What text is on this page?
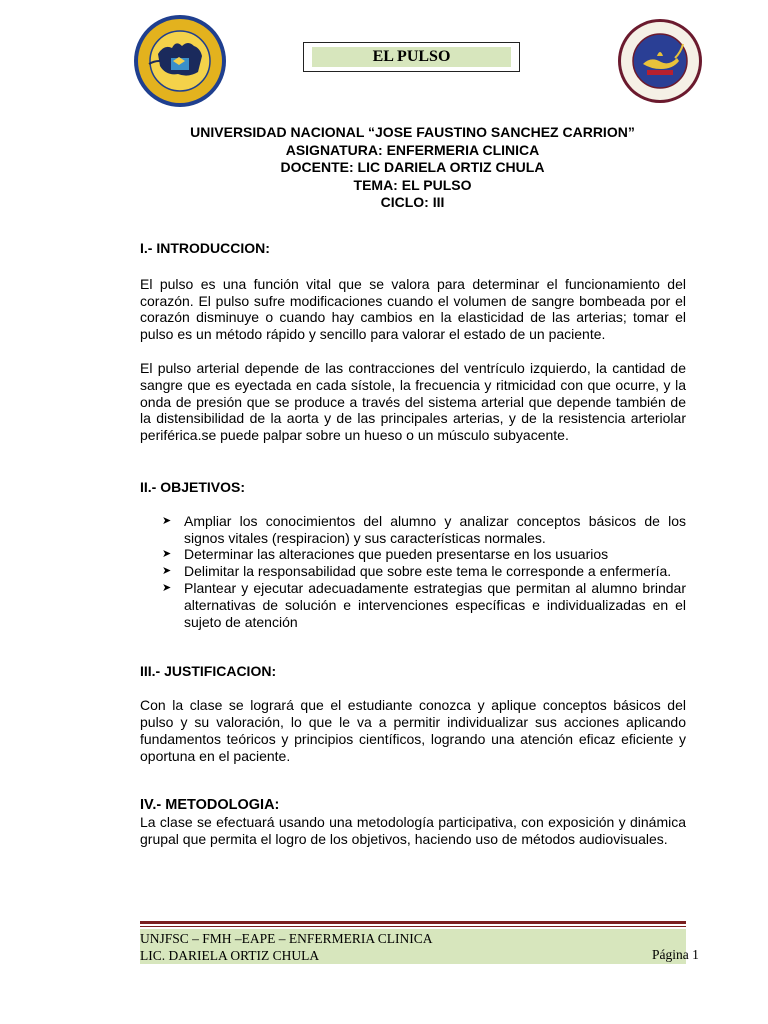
EL PULSO
UNIVERSIDAD NACIONAL “JOSE FAUSTINO SANCHEZ CARRION”
ASIGNATURA: ENFERMERIA CLINICA
DOCENTE: LIC DARIELA ORTIZ CHULA
TEMA: EL PULSO
CICLO: III
I.- INTRODUCCION:

El pulso es una función vital que se valora para determinar el funcionamiento del corazón. El pulso sufre modificaciones cuando el volumen de sangre bombeada por el corazón disminuye o cuando hay cambios en la elasticidad de las arterias; tomar el pulso es un método rápido y sencillo para valorar el estado de un paciente.

El pulso arterial depende de las contracciones del ventrículo izquierdo, la cantidad de sangre que es eyectada en cada sístole, la frecuencia y ritmicidad con que ocurre, y la onda de presión que se produce a través del sistema arterial que depende también de la distensibilidad de la aorta y de las principales arterias, y de la resistencia arteriolar periférica.se puede palpar sobre un hueso o un músculo subyacente.

II.- OBJETIVOS:
➤ Ampliar los conocimientos del alumno y analizar conceptos básicos de los signos vitales (respiracion) y sus características normales.
➤ Determinar las alteraciones que pueden presentarse en los usuarios
➤ Delimitar la responsabilidad que sobre este tema le corresponde a enfermería.
➤ Plantear y ejecutar adecuadamente estrategias que permitan al alumno brindar alternativas de solución e intervenciones específicas e individualizadas en el sujeto de atención
III.- JUSTIFICACION:

Con la clase se logrará que el estudiante conozca y aplique conceptos básicos del pulso y su valoración, lo que le va a permitir individualizar sus acciones aplicando fundamentos teóricos y principios científicos, logrando una atención eficaz eficiente y oportuna en el paciente.

IV.- METODOLOGIA:

La clase se efectuará usando una metodología participativa, con exposición y dinámica grupal que permita el logro de los objetivos, haciendo uso de métodos audiovisuales.

UNJFSC – FMH –EAPE – ENFERMERIA CLINICA
LIC. DARIELA ORTIZ CHULA	Página 1
